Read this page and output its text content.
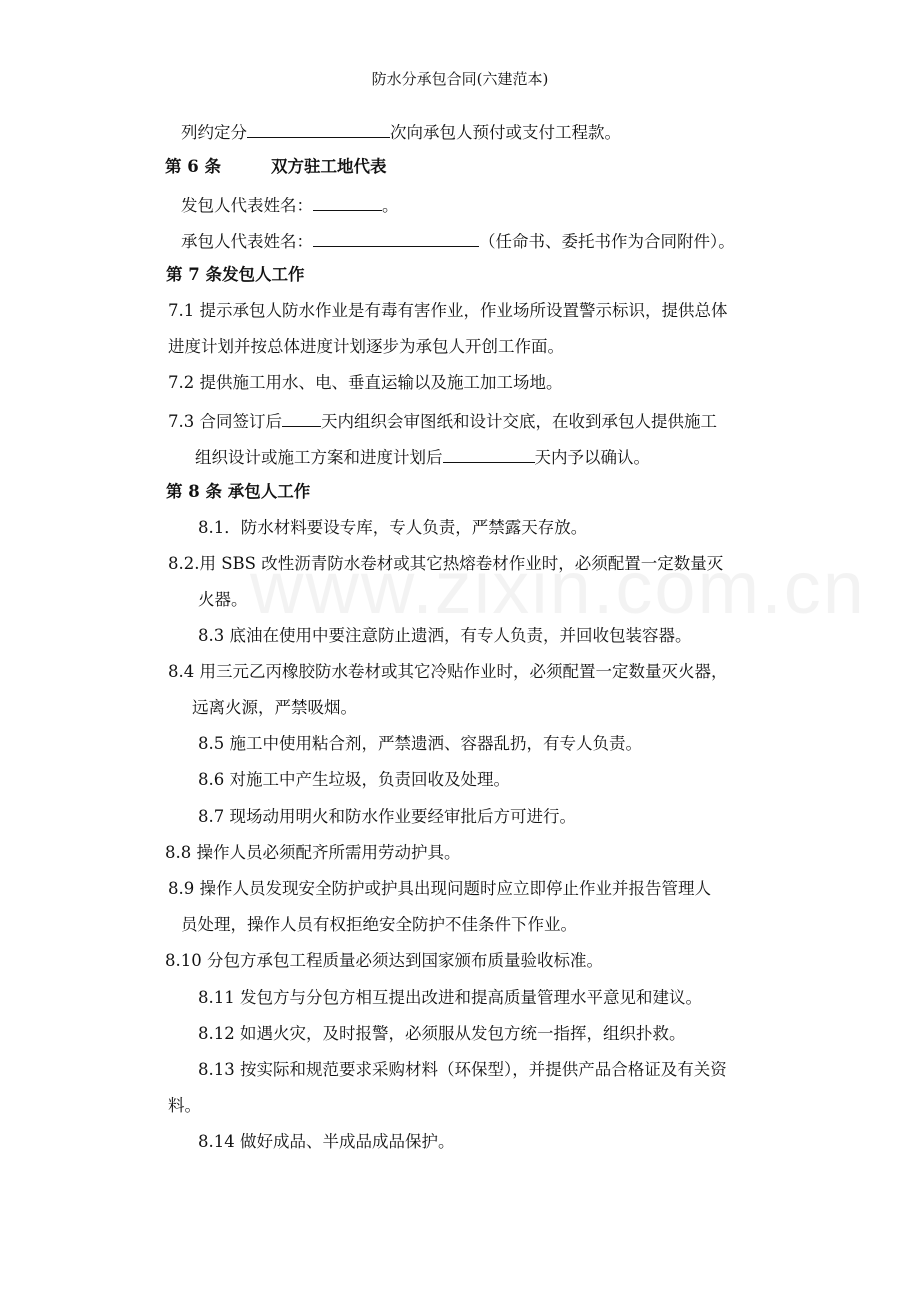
防水分承包合同(六建范本)
列约定分	次向承包人预付或支付工程款。
第 6 条	双方驻工地代表
发包人代表姓名：	。
承包人代表姓名：	（任命书、委托书作为合同附件）。
第 7 条发包人工作
7.1 提示承包人防水作业是有毒有害作业，作业场所设置警示标识，提供总体
进度计划并按总体进度计划逐步为承包人开创工作面。
7.2 提供施工用水、电、垂直运输以及施工加工场地。
7.3 合同签订后 天内组织会审图纸和设计交底，在收到承包人提供施工
组织设计或施工方案和进度计划后	天内予以确认。
第 8 条 承包人工作
8.1．防水材料要设专库，专人负责，严禁露天存放。
8.2.用 SBS 改性沥青防水卷材或其它热熔卷材作业时，必须配置一定数量灭
火器。
8.3 底油在使用中要注意防止遗洒，有专人负责，并回收包装容器。
8.4 用三元乙丙橡胶防水卷材或其它冷贴作业时，必须配置一定数量灭火器，
远离火源，严禁吸烟。
8.5 施工中使用粘合剂，严禁遗洒、容器乱扔，有专人负责。
8.6 对施工中产生垃圾，负责回收及处理。
8.7 现场动用明火和防水作业要经审批后方可进行。
8.8 操作人员必须配齐所需用劳动护具。
8.9 操作人员发现安全防护或护具出现问题时应立即停止作业并报告管理人
员处理，操作人员有权拒绝安全防护不佳条件下作业。
8.10 分包方承包工程质量必须达到国家颁布质量验收标准。
8.11 发包方与分包方相互提出改进和提高质量管理水平意见和建议。
8.12 如遇火灾，及时报警，必须服从发包方统一指挥，组织扑救。
8.13 按实际和规范要求采购材料（环保型），并提供产品合格证及有关资
料。
8.14 做好成品、半成品成品保护。
